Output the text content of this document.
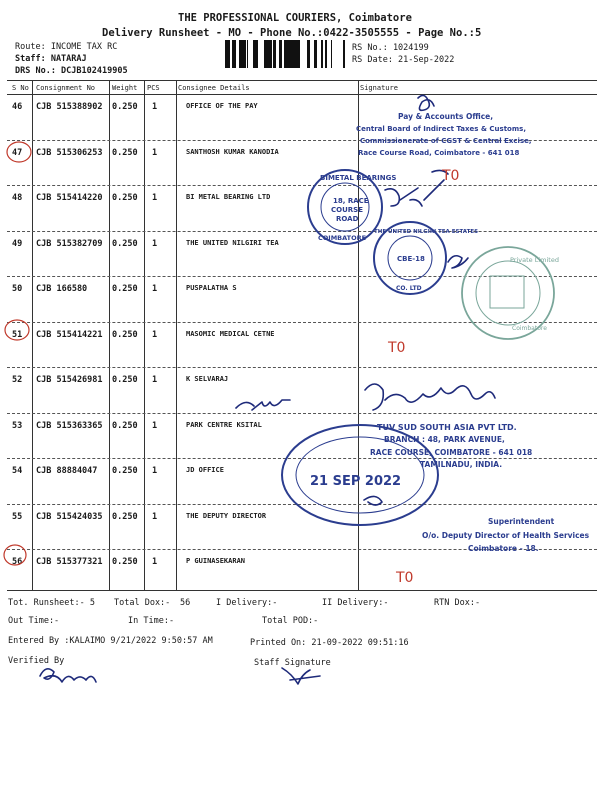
THE PROFESSIONAL COURIERS, Coimbatore
Delivery Runsheet - MO - Phone No.:0422-3505555 - Page No.:5
Route: INCOME TAX RC
Staff: NATARAJ
DRS No.: DCJB102419905
RS No.: 1024199
RS Date: 21-Sep-2022
S No Consignment No Weight PCS	Consignee Details	Signature
46 CJB 515388902 0.250 1	OFFICE OF THE PAY
47 CJB 515306253 0.250 1	SANTHOSH KUMAR KANODIA
48 CJB 515414220 0.250 1	BI METAL BEARING LTD
49 CJB 515382709 0.250 1	THE UNITED NILGIRI TEA
50 CJB 166580	0.250 1	PUSPALATHA S
51 CJB 515414221 0.250 1	MASOMIC MEDICAL CETNE
52 CJB 515426981 0.250 1	K SELVARAJ
53 CJB 515363365 0.250 1	PARK CENTRE KSITAL
54 CJB 88884047 0.250 1	JD OFFICE
55 CJB 515424035 0.250 1	THE DEPUTY DIRECTOR
56 CJB 515377321 0.250 1	P GUINASEKARAN
Tot. Runsheet:- 5 Total Dox:- 56	I Delivery:-	II Delivery:-	RTN Dox:-
Out Time:-	In Time:-	Total POD:-
Entered By :KALAIMO 9/21/2022 9:50:57 AM	Printed On: 21-09-2022 09:51:16
Verified By	Staff Signature
Pay & Accounts Office,
Central Board of Indirect Taxes & Customs,
Commissionerate of CGST & Central Excise,
Race Course Road, Coimbatore - 641 018
BIMETAL BEARINGS
18, RACE
COURSE
ROAD
COIMBATORE
THE UNITED NILGIRI TEA ESTATES
CBE-18
CO. LTD
Private Limited
Coimbatore
TUV SUD SOUTH ASIA PVT LTD.
BRANCH : 48, PARK AVENUE,
RACE COURSE, COIMBATORE - 641 018
TAMILNADU, INDIA.
21 SEP 2022
Superintendent
O/o. Deputy Director of Health Services
Coimbatore - 18.
T0
T0
T0
